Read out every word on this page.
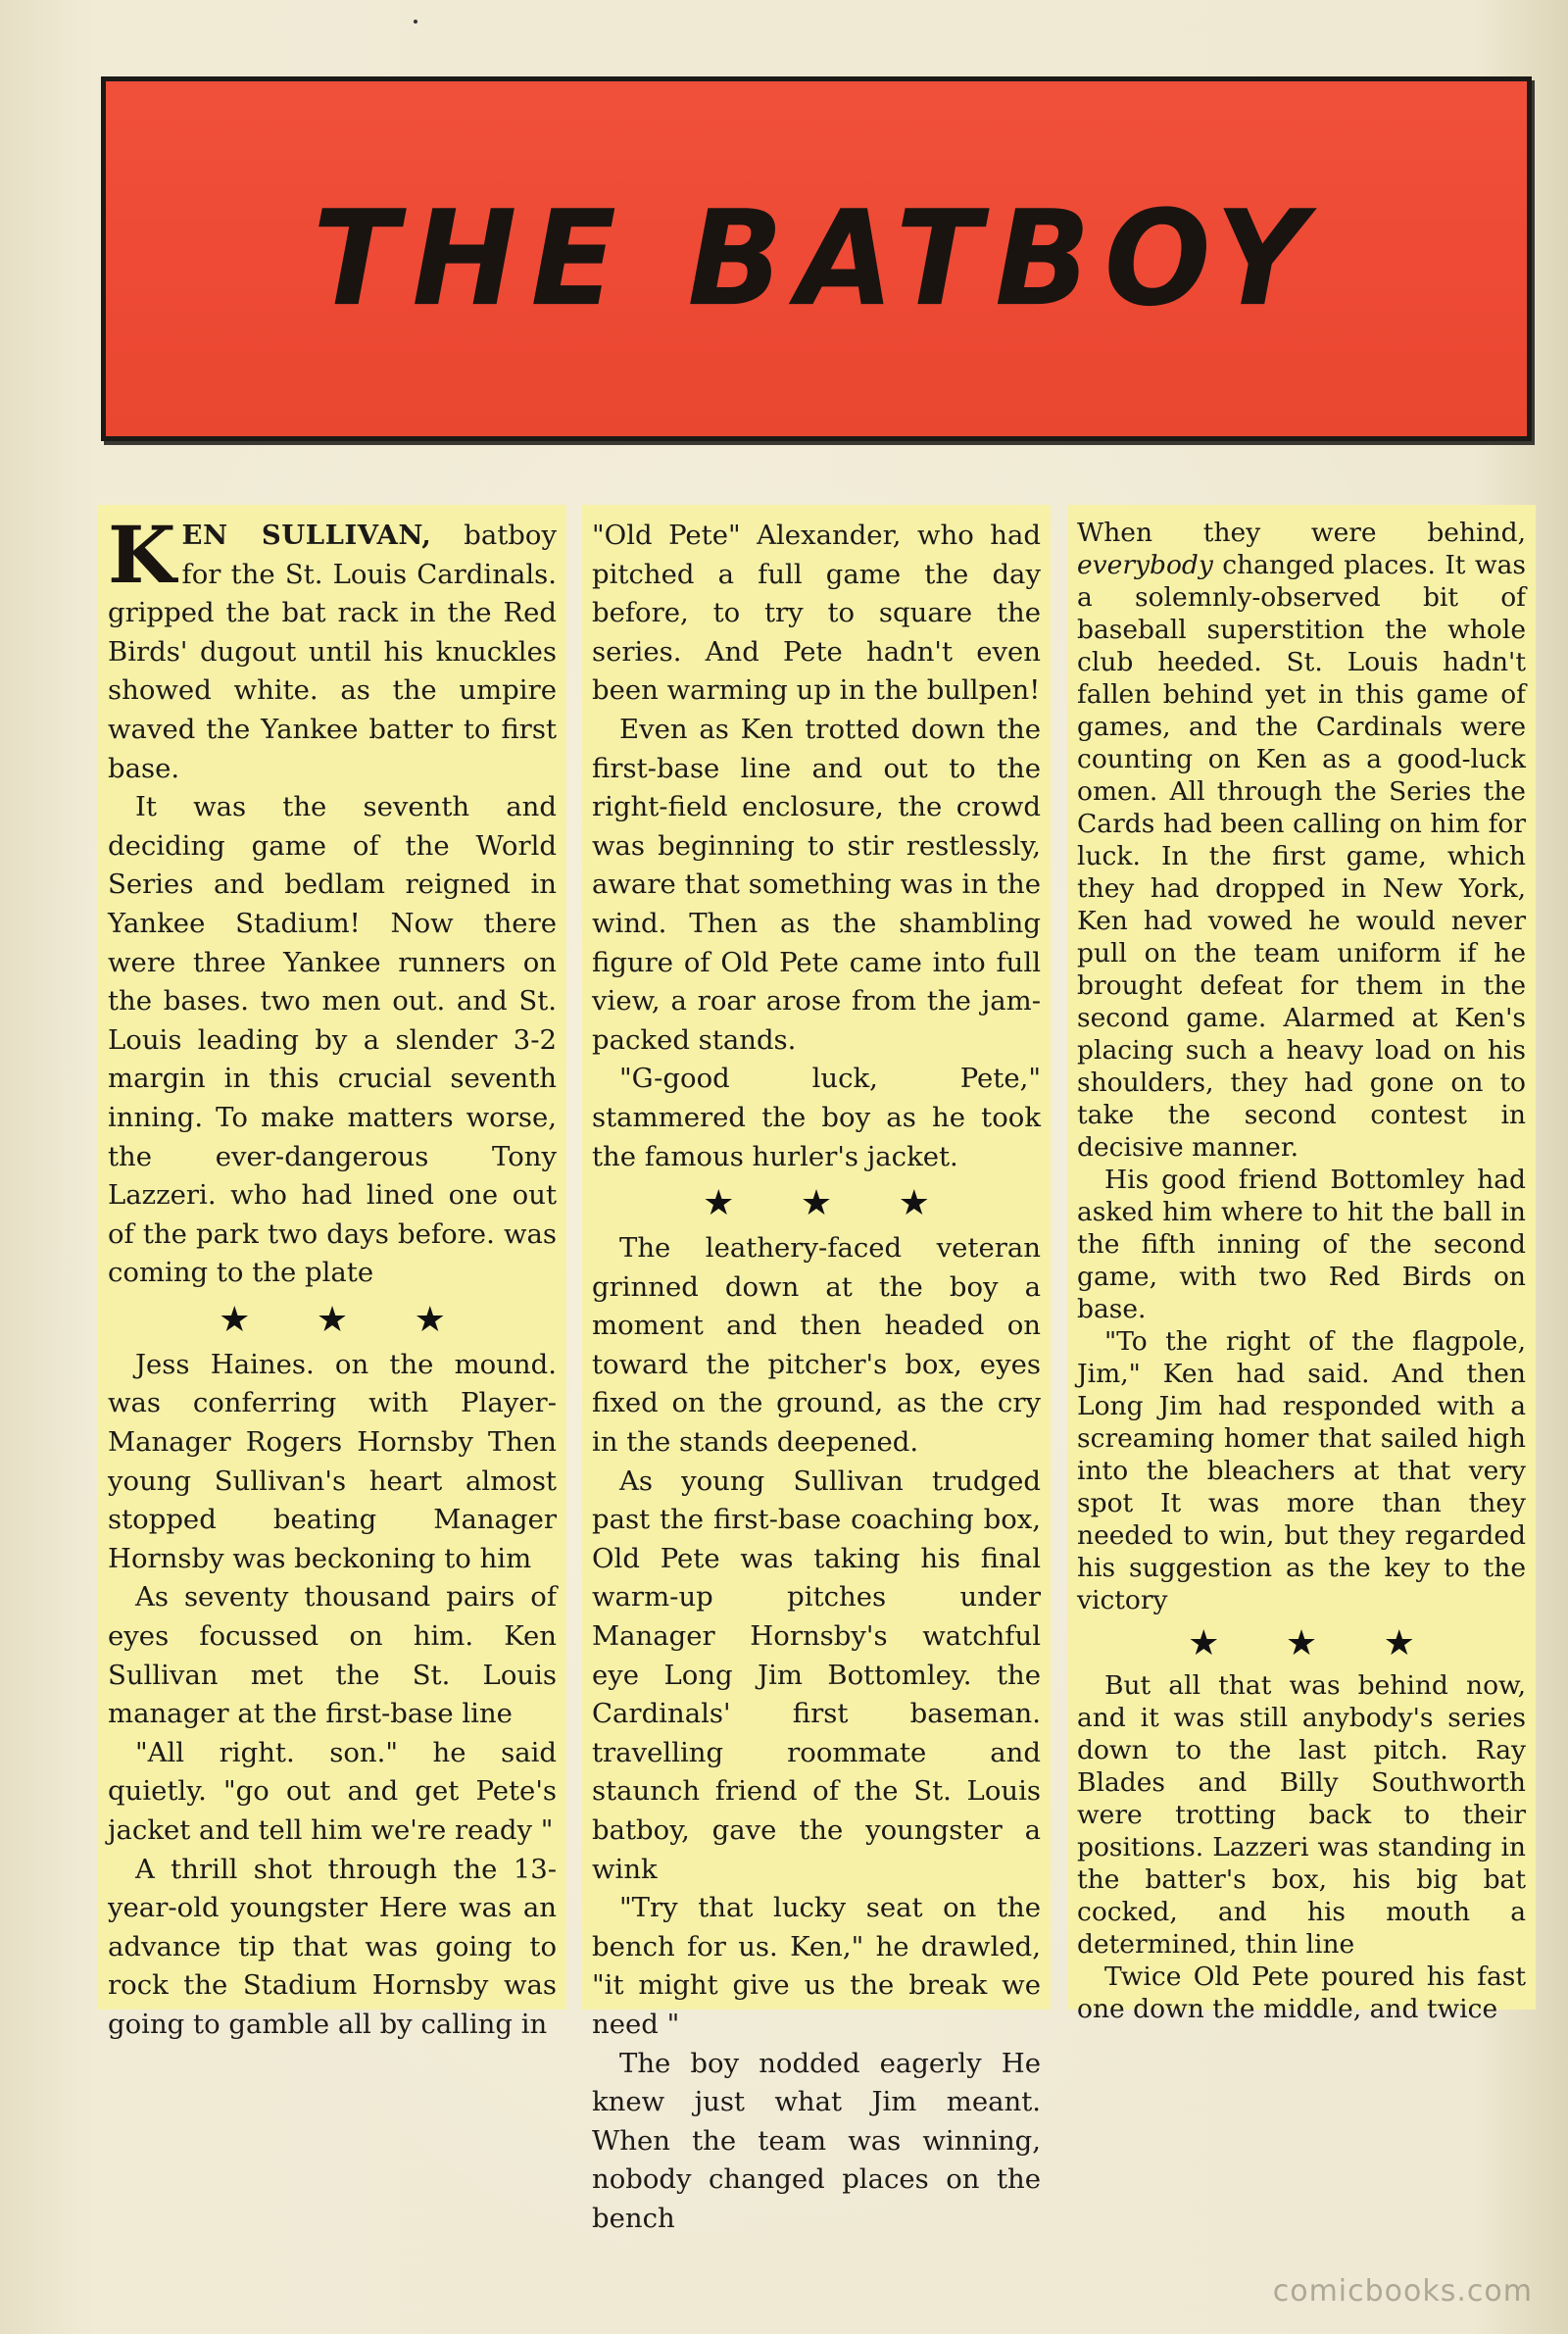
THE BATBOY

KEN SULLIVAN, batboy for the St. Louis Cardinals. gripped the bat rack in the Red Birds' dugout until his knuckles showed white. as the umpire waved the Yankee batter to first base.

It was the seventh and deciding game of the World Series and bedlam reigned in Yankee Stadium! Now there were three Yankee runners on the bases. two men out. and St. Louis leading by a slender 3-2 margin in this crucial seventh inning. To make matters worse, the ever-dangerous Tony Lazzeri. who had lined one out of the park two days before. was coming to the plate

★ ★ ★

Jess Haines. on the mound. was conferring with Player-Manager Rogers Hornsby Then young Sullivan's heart almost stopped beating Manager Hornsby was beckoning to him

As seventy thousand pairs of eyes focussed on him. Ken Sullivan met the St. Louis manager at the first-base line

"All right. son." he said quietly. "go out and get Pete's jacket and tell him we're ready "

A thrill shot through the 13-year-old youngster Here was an advance tip that was going to rock the Stadium Hornsby was going to gamble all by calling in

"Old Pete" Alexander, who had pitched a full game the day before, to try to square the series. And Pete hadn't even been warming up in the bullpen!

Even as Ken trotted down the first-base line and out to the right-field enclosure, the crowd was beginning to stir restlessly, aware that something was in the wind. Then as the shambling figure of Old Pete came into full view, a roar arose from the jam-packed stands.

"G-good luck, Pete," stammered the boy as he took the famous hurler's jacket.

★ ★ ★

The leathery-faced veteran grinned down at the boy a moment and then headed on toward the pitcher's box, eyes fixed on the ground, as the cry in the stands deepened.

As young Sullivan trudged past the first-base coaching box, Old Pete was taking his final warm-up pitches under Manager Hornsby's watchful eye Long Jim Bottomley. the Cardinals' first baseman. travelling roommate and staunch friend of the St. Louis batboy, gave the youngster a wink

"Try that lucky seat on the bench for us. Ken," he drawled, "it might give us the break we need "

The boy nodded eagerly He knew just what Jim meant. When the team was winning, nobody changed places on the bench

When they were behind, everybody changed places. It was a solemnly-observed bit of baseball superstition the whole club heeded. St. Louis hadn't fallen behind yet in this game of games, and the Cardinals were counting on Ken as a good-luck omen. All through the Series the Cards had been calling on him for luck. In the first game, which they had dropped in New York, Ken had vowed he would never pull on the team uniform if he brought defeat for them in the second game. Alarmed at Ken's placing such a heavy load on his shoulders, they had gone on to take the second contest in decisive manner.

His good friend Bottomley had asked him where to hit the ball in the fifth inning of the second game, with two Red Birds on base.

"To the right of the flagpole, Jim," Ken had said. And then Long Jim had responded with a screaming homer that sailed high into the bleachers at that very spot It was more than they needed to win, but they regarded his suggestion as the key to the victory

★ ★ ★

But all that was behind now, and it was still anybody's series down to the last pitch. Ray Blades and Billy Southworth were trotting back to their positions. Lazzeri was standing in the batter's box, his big bat cocked, and his mouth a determined, thin line

Twice Old Pete poured his fast one down the middle, and twice

comicbooks.com
